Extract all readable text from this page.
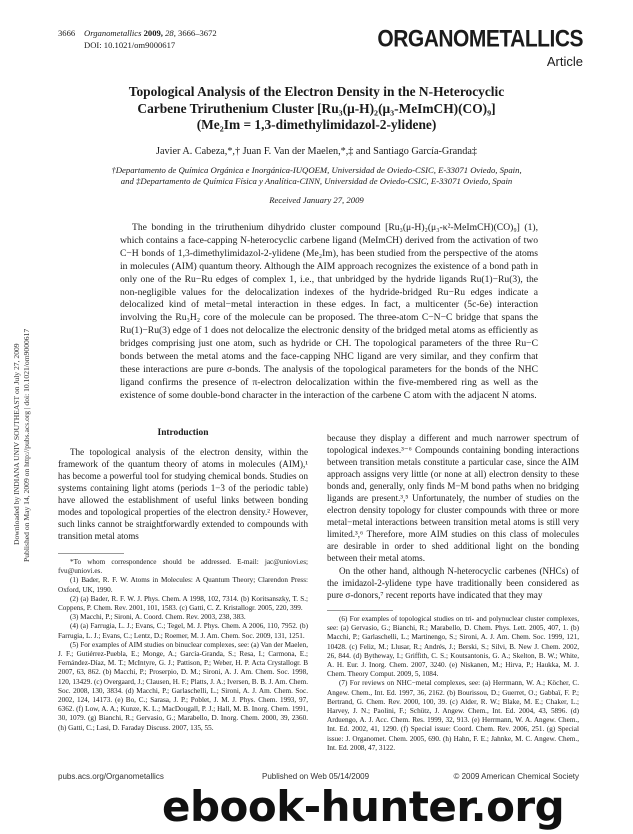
3666 Organometallics 2009, 28, 3666–3672
DOI: 10.1021/om9000617	ORGANOMETALLICS
Article
Topological Analysis of the Electron Density in the N-Heterocyclic
Carbene Triruthenium Cluster [Ru₃(μ-H)₂(μ₃-MeImCH)(CO)₉]
(Me₂Im = 1,3-dimethylimidazol-2-ylidene)
Javier A. Cabeza,*,† Juan F. Van der Maelen,*,‡ and Santiago García-Granda‡
†Departamento de Química Orgánica e Inorgánica-IUQOEM, Universidad de Oviedo-CSIC, E-33071 Oviedo, Spain,
and ‡Departamento de Química Física y Analítica-CINN, Universidad de Oviedo-CSIC, E-33071 Oviedo, Spain
Received January 27, 2009
The bonding in the triruthenium dihydrido cluster compound [Ru₃(μ-H)₂(μ₃-κ²-MeImCH)(CO)₉] (1), which contains a face-capping N-heterocyclic carbene ligand (MeImCH) derived from the activation of two C−H bonds of 1,3-dimethylimidazol-2-ylidene (Me₂Im), has been studied from the perspective of the atoms in molecules (AIM) quantum theory. Although the AIM approach recognizes the existence of a bond path in only one of the Ru−Ru edges of complex 1, i.e., that unbridged by the hydride ligands Ru(1)−Ru(3), the non-negligible values for the delocalization indexes of the hydride-bridged Ru−Ru edges indicate a delocalized kind of metal−metal interaction in these edges. In fact, a multicenter (5c-6e) interaction involving the Ru₃H₂ core of the molecule can be proposed. The three-atom C−N−C bridge that spans the Ru(1)−Ru(3) edge of 1 does not delocalize the electronic density of the bridged metal atoms as efficiently as bridges comprising just one atom, such as hydride or CH. The topological parameters of the three Ru−C bonds between the metal atoms and the face-capping NHC ligand are very similar, and they confirm that these interactions are pure σ-bonds. The analysis of the topological parameters for the bonds of the NHC ligand confirms the presence of π-electron delocalization within the five-membered ring as well as the existence of some double-bond character in the interaction of the carbene C atom with the adjacent N atoms.
Downloaded by INDIANA UNIV SOUTHEAST on July 27, 2009 Published on May 14, 2009 on http://pubs.acs.org | doi: 10.1021/om9000617	Introduction

The topological analysis of the electron density, within the framework of the quantum theory of atoms in molecules (AIM),¹ has become a powerful tool for studying chemical bonds. Studies on systems containing light atoms (periods 1−3 of the periodic table) have allowed the establishment of useful links between bonding modes and topological properties of the electron density.² However, such links cannot be straightforwardly extended to compounds with transition metal atoms

because they display a different and much narrower spectrum of topological indexes.³⁻⁶ Compounds containing bonding interactions between transition metals constitute a particular case, since the AIM approach assigns very little (or none at all) electron density to these bonds and, generally, only finds M−M bond paths when no bridging ligands are present.³,⁵ Unfortunately, the number of studies on the electron density topology for cluster compounds with three or more metal−metal interactions between transition metal atoms is still very limited.³,⁶ Therefore, more AIM studies on this class of molecules are desirable in order to shed additional light on the bonding between their metal atoms.

On the other hand, although N-heterocyclic carbenes (NHCs) of the imidazol-2-ylidene type have traditionally been considered as pure σ-donors,⁷ recent reports have indicated that they may

*To whom correspondence should be addressed. E-mail: jac@uniovi.es; fvu@uniovi.es.

(1) Bader, R. F. W. Atoms in Molecules: A Quantum Theory; Clarendon Press: Oxford, UK, 1990.

(2) (a) Bader, R. F. W. J. Phys. Chem. A 1998, 102, 7314. (b) Koritsanszky, T. S.; Coppens, P. Chem. Rev. 2001, 101, 1583. (c) Gatti, C. Z. Kristallogr. 2005, 220, 399.

(3) Macchi, P.; Sironi, A. Coord. Chem. Rev. 2003, 238, 383.

(4) (a) Farrugia, L. J.; Evans, C.; Tegel, M. J. Phys. Chem. A 2006, 110, 7952. (b) Farrugia, L. J.; Evans, C.; Lentz, D.; Roemer, M. J. Am. Chem. Soc. 2009, 131, 1251.

(5) For examples of AIM studies on binuclear complexes, see: (a) Van der Maelen, J. F.; Gutiérrez-Puebla, E.; Monge, A.; García-Granda, S.; Resa, I.; Carmona, E.; Fernández-Díaz, M. T.; McIntyre, G. J.; Pattison, P.; Weber, H. P. Acta Crystallogr. B 2007, 63, 862. (b) Macchi, P.; Proserpio, D. M.; Sironi, A. J. Am. Chem. Soc. 1998, 120, 13429. (c) Overgaard, J.; Clausen, H. F.; Platts, J. A.; Iversen, B. B. J. Am. Chem. Soc. 2008, 130, 3834. (d) Macchi, P.; Garlaschelli, L.; Sironi, A. J. Am. Chem. Soc. 2002, 124, 14173. (e) Bo, C.; Sarasa, J. P.; Poblet, J. M. J. Phys. Chem. 1993, 97, 6362. (f) Low, A. A.; Kunze, K. L.; MacDougall, P. J.; Hall, M. B. Inorg. Chem. 1991, 30, 1079. (g) Bianchi, R.; Gervasio, G.; Marabello, D. Inorg. Chem. 2000, 39, 2360. (h) Gatti, C.; Lasi, D. Faraday Discuss. 2007, 135, 55.

(6) For examples of topological studies on tri- and polynuclear cluster complexes, see: (a) Gervasio, G.; Bianchi, R.; Marabello, D. Chem. Phys. Lett. 2005, 407, 1. (b) Macchi, P.; Garlaschelli, L.; Martinengo, S.; Sironi, A. J. Am. Chem. Soc. 1999, 121, 10428. (c) Feliz, M.; Llusar, R.; Andrés, J.; Berski, S.; Silvi, B. New J. Chem. 2002, 26, 844. (d) Bytheway, I.; Griffith, C. S.; Koutsantonis, G. A.; Skelton, B. W.; White, A. H. Eur. J. Inorg. Chem. 2007, 3240. (e) Niskanen, M.; Hirva, P.; Haukka, M. J. Chem. Theory Comput. 2009, 5, 1084.

(7) For reviews on NHC−metal complexes, see: (a) Herrmann, W. A.; Köcher, C. Angew. Chem., Int. Ed. 1997, 36, 2162. (b) Bourissou, D.; Guerret, O.; Gabbaï, F. P.; Bertrand, G. Chem. Rev. 2000, 100, 39. (c) Alder, R. W.; Blake, M. E.; Chaker, L.; Harvey, J. N.; Paolini, F.; Schütz, J. Angew. Chem., Int. Ed. 2004, 43, 5896. (d) Arduengo, A. J. Acc. Chem. Res. 1999, 32, 913. (e) Herrmann, W. A. Angew. Chem., Int. Ed. 2002, 41, 1290. (f) Special issue: Coord. Chem. Rev. 2006, 251. (g) Special issue: J. Organomet. Chem. 2005, 690. (h) Hahn, F. E.; Jahnke, M. C. Angew. Chem., Int. Ed. 2008, 47, 3122.

pubs.acs.org/Organometallics	Published on Web 05/14/2009	© 2009 American Chemical Society
ebook-hunter.org
